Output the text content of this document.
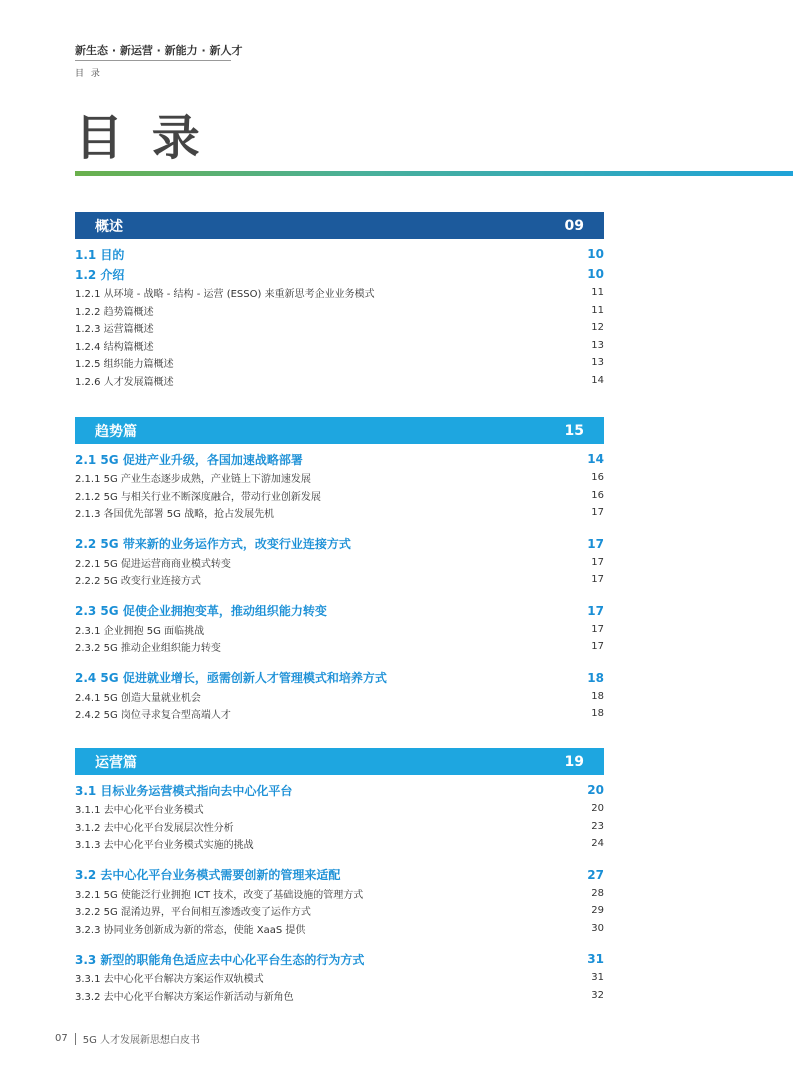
新生态 · 新运营 · 新能力 · 新人才
目 录
目 录
概述	09
1.1 目的	10
1.2 介绍	10
1.2.1 从环境 - 战略 - 结构 - 运营 (ESSO) 来重新思考企业业务模式	11
1.2.2 趋势篇概述	11
1.2.3 运营篇概述	12
1.2.4 结构篇概述	13
1.2.5 组织能力篇概述	13
1.2.6 人才发展篇概述	14
趋势篇	15
2.1 5G 促进产业升级，各国加速战略部署	14
2.1.1 5G 产业生态逐步成熟，产业链上下游加速发展	16
2.1.2 5G 与相关行业不断深度融合，带动行业创新发展	16
2.1.3 各国优先部署 5G 战略，抢占发展先机	17
2.2 5G 带来新的业务运作方式，改变行业连接方式	17
2.2.1 5G 促进运营商商业模式转变	17
2.2.2 5G 改变行业连接方式	17
2.3 5G 促使企业拥抱变革，推动组织能力转变	17
2.3.1 企业拥抱 5G 面临挑战	17
2.3.2 5G 推动企业组织能力转变	17
2.4 5G 促进就业增长，亟需创新人才管理模式和培养方式	18
2.4.1 5G 创造大量就业机会	18
2.4.2 5G 岗位寻求复合型高端人才	18
运营篇	19
3.1 目标业务运营模式指向去中心化平台	20
3.1.1 去中心化平台业务模式	20
3.1.2 去中心化平台发展层次性分析	23
3.1.3 去中心化平台业务模式实施的挑战	24
3.2 去中心化平台业务模式需要创新的管理来适配	27
3.2.1 5G 使能泛行业拥抱 ICT 技术，改变了基础设施的管理方式	28
3.2.2 5G 混淆边界，平台间相互渗透改变了运作方式	29
3.2.3 协同业务创新成为新的常态，使能 XaaS 提供	30
3.3 新型的职能角色适应去中心化平台生态的行为方式	31
3.3.1 去中心化平台解决方案运作双轨模式	31
3.3.2 去中心化平台解决方案运作新活动与新角色	32
07 5G 人才发展新思想白皮书
